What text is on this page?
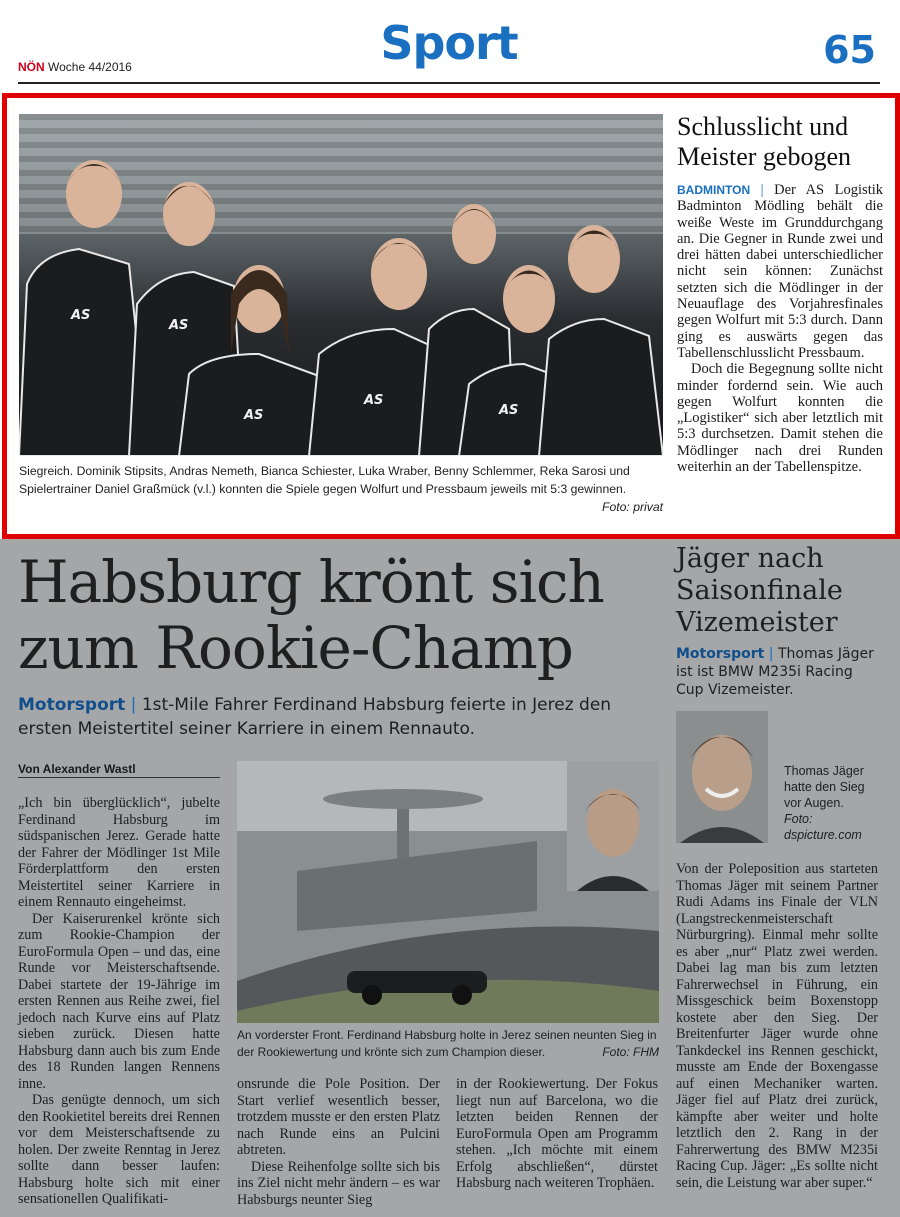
NÖN Woche 44/2016	Sport	65
AS
AS
AS
AS
AS
Siegreich. Dominik Stipsits, Andras Nemeth, Bianca Schiester, Luka Wraber, Benny Schlemmer, Reka Sarosi und Spielertrainer Daniel Graßmück (v.l.) konnten die Spiele gegen Wolfurt und Pressbaum jeweils mit 5:3 gewinnen.
Foto: privat
Schlusslicht und Meister gebogen

BADMINTON | Der AS Logistik Badminton Mödling behält die weiße Weste im Grunddurchgang an. Die Gegner in Runde zwei und drei hätten dabei unterschiedlicher nicht sein können: Zunächst setzten sich die Mödlinger in der Neuauflage des Vorjahresfinales gegen Wolfurt mit 5:3 durch. Dann ging es auswärts gegen das Tabellenschlusslicht Pressbaum.

Doch die Begegnung sollte nicht minder fordernd sein. Wie auch gegen Wolfurt konnten die „Logistiker“ sich aber letztlich mit 5:3 durchsetzen. Damit stehen die Mödlinger nach drei Runden weiterhin an der Tabellenspitze.

Habsburg krönt sich zum Rookie-Champ
Motorsport | 1st-Mile Fahrer Ferdinand Habsburg feierte in Jerez den ersten Meistertitel seiner Karriere in einem Rennauto.
Von Alexander Wastl

„Ich bin überglücklich“, jubelte Ferdinand Habsburg im südspanischen Jerez. Gerade hatte der Fahrer der Mödlinger 1st Mile Förderplattform den ersten Meistertitel seiner Karriere in einem Rennauto eingeheimst.

Der Kaiserurenkel krönte sich zum Rookie-Champion der EuroFormula Open – und das, eine Runde vor Meisterschaftsende. Dabei startete der 19-Jährige im ersten Rennen aus Reihe zwei, fiel jedoch nach Kurve eins auf Platz sieben zurück. Diesen hatte Habsburg dann auch bis zum Ende des 18 Runden langen Rennens inne.

Das genügte dennoch, um sich den Rookietitel bereits drei Rennen vor dem Meisterschaftsende zu holen. Der zweite Renntag in Jerez sollte dann besser laufen: Habsburg holte sich mit einer sensationellen Qualifikati-

An vorderster Front. Ferdinand Habsburg holte in Jerez seinen neunten Sieg in der Rookiewertung und krönte sich zum Champion dieser.	Foto: FHM

onsrunde die Pole Position. Der Start verlief wesentlich besser, trotzdem musste er den ersten Platz nach Runde eins an Pulcini abtreten.

Diese Reihenfolge sollte sich bis ins Ziel nicht mehr ändern – es war Habsburgs neunter Sieg

in der Rookiewertung. Der Fokus liegt nun auf Barcelona, wo die letzten beiden Rennen der EuroFormula Open am Programm stehen. „Ich möchte mit einem Erfolg abschließen“, dürstet Habsburg nach weiteren Trophäen.

Jäger nach Saisonfinale Vizemeister
Motorsport | Thomas Jäger ist ist BMW M235i Racing Cup Vizemeister.
Thomas Jäger hatte den Sieg vor Augen.
Foto: dspicture.com
Von der Poleposition aus starteten Thomas Jäger mit seinem Partner Rudi Adams ins Finale der VLN (Langstreckenmeisterschaft Nürburgring). Einmal mehr sollte es aber „nur“ Platz zwei werden. Dabei lag man bis zum letzten Fahrerwechsel in Führung, ein Missgeschick beim Boxenstopp kostete aber den Sieg. Der Breitenfurter Jäger wurde ohne Tankdeckel ins Rennen geschickt, musste am Ende der Boxengasse auf einen Mechaniker warten. Jäger fiel auf Platz drei zurück, kämpfte aber weiter und holte letztlich den 2. Rang in der Fahrerwertung des BMW M235i Racing Cup. Jäger: „Es sollte nicht sein, die Leistung war aber super.“
